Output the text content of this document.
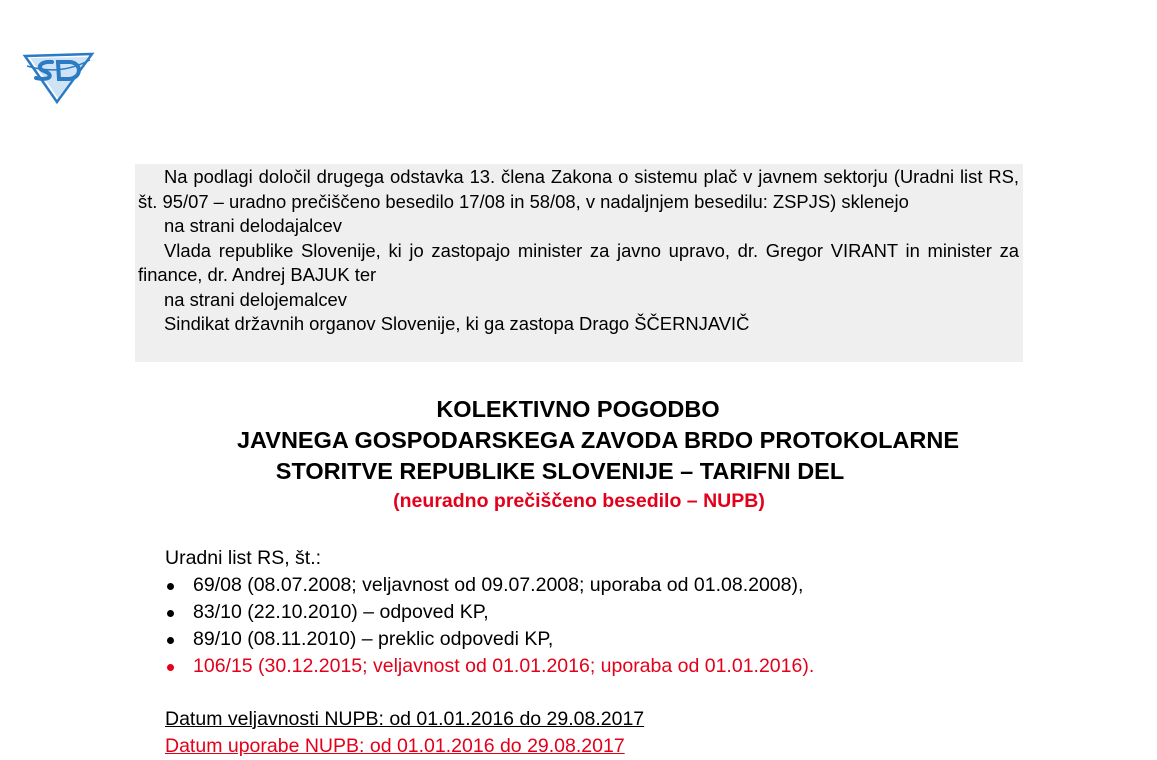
Na podlagi določil drugega odstavka 13. člena Zakona o sistemu plač v javnem sektorju (Uradni list RS, št. 95/07 – uradno prečiščeno besedilo 17/08 in 58/08, v nadaljnjem besedilu: ZSPJS) sklenejo

na strani delodajalcev

Vlada republike Slovenije, ki jo zastopajo minister za javno upravo, dr. Gregor VIRANT in minister za finance, dr. Andrej BAJUK ter

na strani delojemalcev

Sindikat državnih organov Slovenije, ki ga zastopa Drago ŠČERNJAVIČ

KOLEKTIVNO POGODBO
JAVNEGA GOSPODARSKEGA ZAVODA BRDO PROTOKOLARNE
STORITVE REPUBLIKE SLOVENIJE – TARIFNI DEL
(neuradno prečiščeno besedilo – NUPB)
Uradni list RS, št.:
69/08 (08.07.2008; veljavnost od 09.07.2008; uporaba od 01.08.2008),
83/10 (22.10.2010) – odpoved KP,
89/10 (08.11.2010) – preklic odpovedi KP,
106/15 (30.12.2015; veljavnost od 01.01.2016; uporaba od 01.01.2016).
Datum veljavnosti NUPB: od 01.01.2016 do 29.08.2017
Datum uporabe NUPB: od 01.01.2016 do 29.08.2017
